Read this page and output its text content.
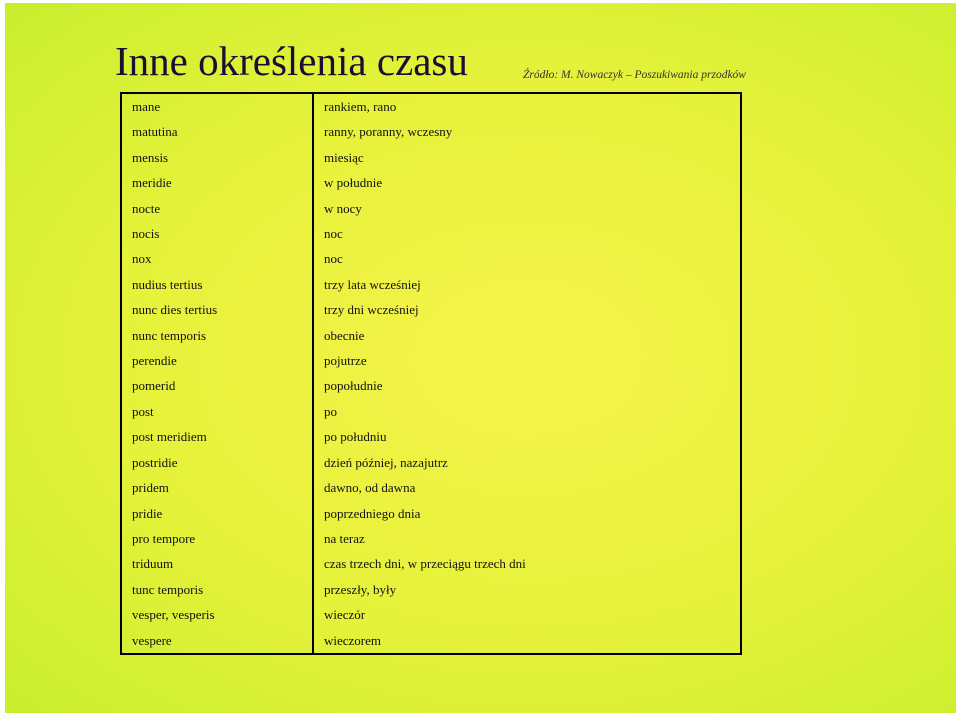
Inne określenia czasu	Źródło: M. Nowaczyk – Poszukiwania przodków
mane	rankiem, rano
matutina	ranny, poranny, wczesny
mensis	miesiąc
meridie	w południe
nocte	w nocy
nocis	noc
nox	noc
nudius tertius	trzy lata wcześniej
nunc dies tertius	trzy dni wcześniej
nunc temporis	obecnie
perendie	pojutrze
pomerid	popołudnie
post	po
post meridiem	po południu
postridie	dzień później, nazajutrz
pridem	dawno, od dawna
pridie	poprzedniego dnia
pro tempore	na teraz
triduum	czas trzech dni, w przeciągu trzech dni
tunc temporis	przeszły, były
vesper, vesperis	wieczór
vespere	wieczorem
